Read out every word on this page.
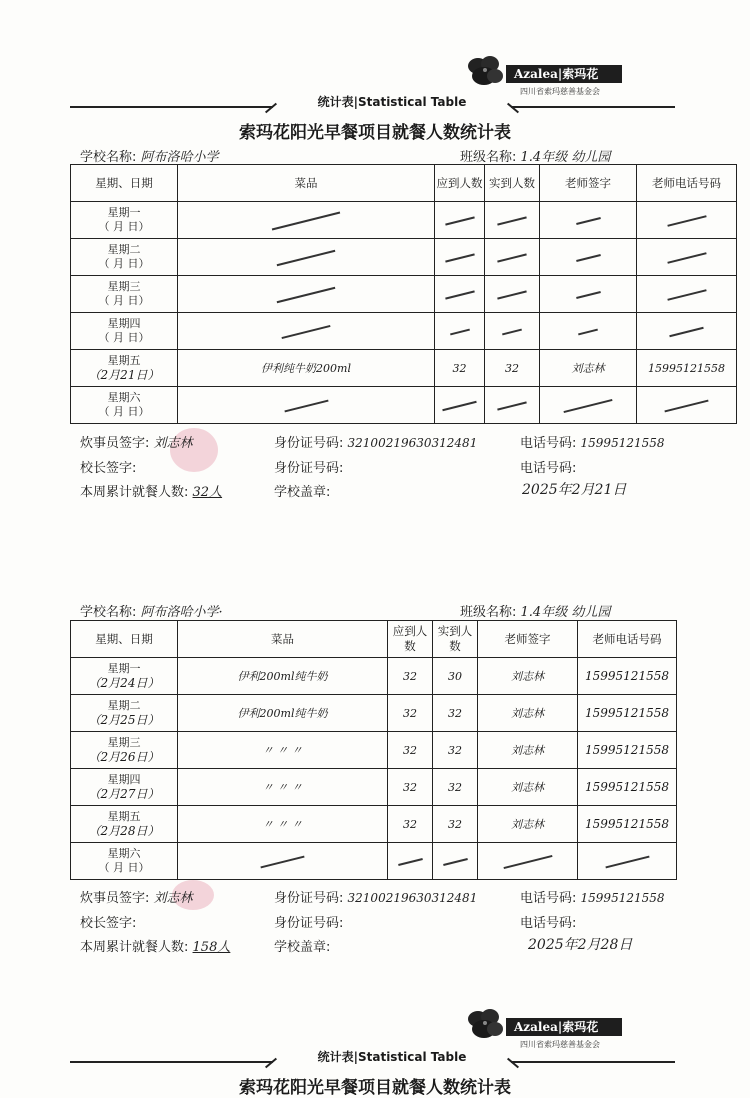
Azalea|索玛花
四川省索玛慈善基金会
统计表|Statistical Table
索玛花阳光早餐项目就餐人数统计表
学校名称: 阿布洛哈小学	班级名称: 1.4年级 幼儿园
星期、日期	菜品	应到人数	实到人数	老师签字	老师电话号码

星期一
（ 月 日）					

星期二
（ 月 日）					

星期三
（ 月 日）					

星期四
（ 月 日）					

星期五
（2月21日）	伊利纯牛奶200ml	32	32	刘志林	15995121558

星期六
（ 月 日）					

炊事员签字: 刘志林	身份证号码: 32100219630312481	电话号码: 15995121558
校长签字:	身份证号码:	电话号码:
本周累计就餐人数: 32人	学校盖章:	2025年2月21日
Azalea|索玛花
四川省索玛慈善基金会
统计表|Statistical Table
索玛花阳光早餐项目就餐人数统计表
学校名称: 阿布洛哈小学·	班级名称: 1.4年级 幼儿园
星期、日期	菜品	应到人数	实到人数	老师签字	老师电话号码

星期一
（2月24日）	伊利200ml纯牛奶	32	30	刘志林	15995121558

星期二
（2月25日）	伊利200ml纯牛奶	32	32	刘志林	15995121558

星期三
（2月26日）	〃 〃 〃	32	32	刘志林	15995121558

星期四
（2月27日）	〃 〃 〃	32	32	刘志林	15995121558

星期五
（2月28日）	〃 〃 〃	32	32	刘志林	15995121558

星期六
（ 月 日）					

炊事员签字: 刘志林	身份证号码: 32100219630312481	电话号码: 15995121558
校长签字:	身份证号码:	电话号码:
本周累计就餐人数: 158人	学校盖章:	2025年2月28日
